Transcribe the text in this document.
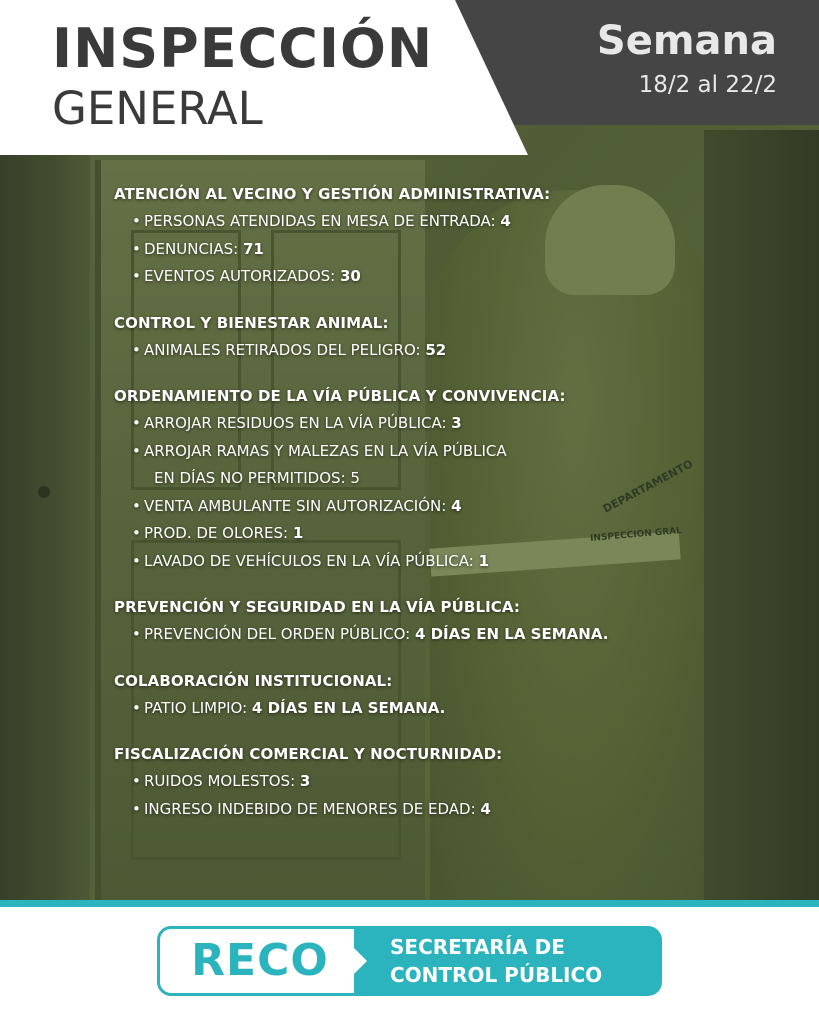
DEPARTAMENTO
INSPECCION GRAL
INSPECCIÓN
GENERAL
Semana
18/2 al 22/2
ATENCIÓN AL VECINO Y GESTIÓN ADMINISTRATIVA:
• PERSONAS ATENDIDAS EN MESA DE ENTRADA: 4
• DENUNCIAS: 71
• EVENTOS AUTORIZADOS: 30
CONTROL Y BIENESTAR ANIMAL:
• ANIMALES RETIRADOS DEL PELIGRO: 52
ORDENAMIENTO DE LA VÍA PÚBLICA Y CONVIVENCIA:
• ARROJAR RESIDUOS EN LA VÍA PÚBLICA: 3
• ARROJAR RAMAS Y MALEZAS EN LA VÍA PÚBLICA
EN DÍAS NO PERMITIDOS: 5
• VENTA AMBULANTE SIN AUTORIZACIÓN: 4
• PROD. DE OLORES: 1
• LAVADO DE VEHÍCULOS EN LA VÍA PÚBLICA: 1
PREVENCIÓN Y SEGURIDAD EN LA VÍA PÚBLICA:
• PREVENCIÓN DEL ORDEN PÚBLICO: 4 DÍAS EN LA SEMANA.
COLABORACIÓN INSTITUCIONAL:
• PATIO LIMPIO: 4 DÍAS EN LA SEMANA.
FISCALIZACIÓN COMERCIAL Y NOCTURNIDAD:
• RUIDOS MOLESTOS: 3
• INGRESO INDEBIDO DE MENORES DE EDAD: 4
RECO	SECRETARÍA DE
CONTROL PÚBLICO
